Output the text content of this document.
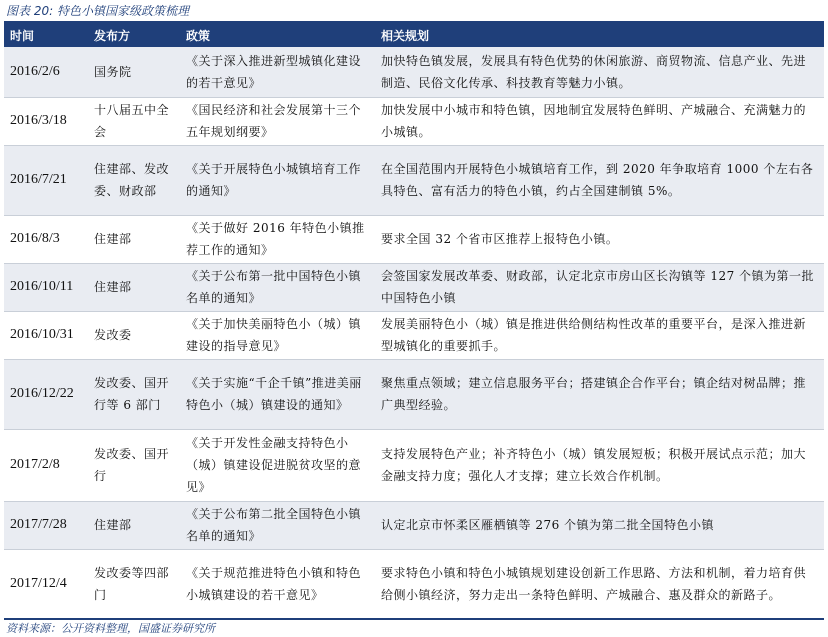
图表 20: 特色小镇国家级政策梳理
时间	发布方	政策	相关规划
2016/2/6	国务院	《关于深入推进新型城镇化建设的若干意见》	加快特色镇发展，发展具有特色优势的休闲旅游、商贸物流、信息产业、先进制造、民俗文化传承、科技教育等魅力小镇。
2016/3/18	十八届五中全会	《国民经济和社会发展第十三个五年规划纲要》	加快发展中小城市和特色镇，因地制宜发展特色鲜明、产城融合、充满魅力的小城镇。
2016/7/21	住建部、发改委、财政部	《关于开展特色小城镇培育工作的通知》	在全国范围内开展特色小城镇培育工作，到 2020 年争取培育 1000 个左右各具特色、富有活力的特色小镇，约占全国建制镇 5%。
2016/8/3	住建部	《关于做好 2016 年特色小镇推荐工作的通知》	要求全国 32 个省市区推荐上报特色小镇。
2016/10/11	住建部	《关于公布第一批中国特色小镇名单的通知》	会签国家发展改革委、财政部，认定北京市房山区长沟镇等 127 个镇为第一批中国特色小镇
2016/10/31	发改委	《关于加快美丽特色小（城）镇建设的指导意见》	发展美丽特色小（城）镇是推进供给侧结构性改革的重要平台，是深入推进新型城镇化的重要抓手。
2016/12/22	发改委、国开行等 6 部门	《关于实施“千企千镇”推进美丽特色小（城）镇建设的通知》	聚焦重点领域；建立信息服务平台；搭建镇企合作平台；镇企结对树品牌；推广典型经验。
2017/2/8	发改委、国开行	《关于开发性金融支持特色小（城）镇建设促进脱贫攻坚的意见》	支持发展特色产业；补齐特色小（城）镇发展短板；积极开展试点示范；加大金融支持力度；强化人才支撑；建立长效合作机制。
2017/7/28	住建部	《关于公布第二批全国特色小镇名单的通知》	认定北京市怀柔区雁栖镇等 276 个镇为第二批全国特色小镇
2017/12/4	发改委等四部门	《关于规范推进特色小镇和特色小城镇建设的若干意见》	要求特色小镇和特色小城镇规划建设创新工作思路、方法和机制，着力培育供给侧小镇经济，努力走出一条特色鲜明、产城融合、惠及群众的新路子。
资料来源：公开资料整理，国盛证券研究所
